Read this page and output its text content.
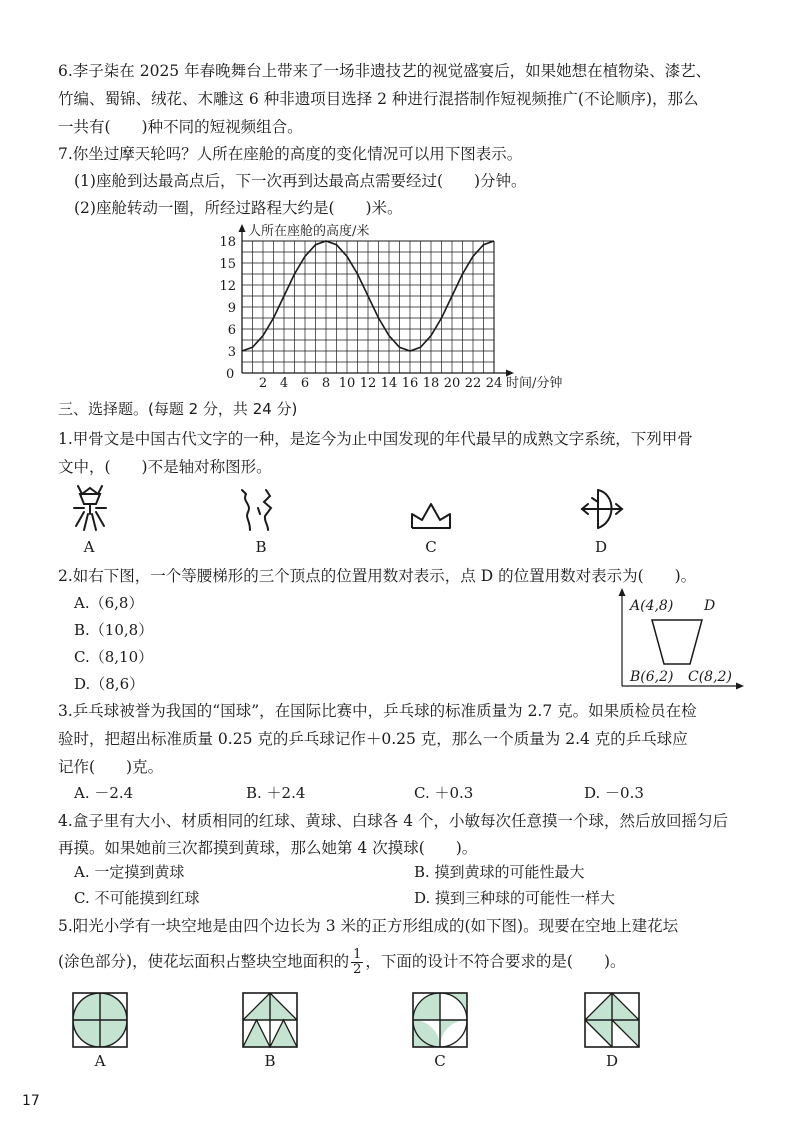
6.李子柒在 2025 年春晚舞台上带来了一场非遗技艺的视觉盛宴后，如果她想在植物染、漆艺、
竹编、蜀锦、绒花、木雕这 6 种非遗项目选择 2 种进行混搭制作短视频推广(不论顺序)，那么
一共有(　　)种不同的短视频组合。
7.你坐过摩天轮吗？人所在座舱的高度的变化情况可以用下图表示。
(1)座舱到达最高点后，下一次再到达最高点需要经过(　　)分钟。
(2)座舱转动一圈，所经过路程大约是(　　)米。
2 4 6 8 10 12 14 16 18 20 22 24
3
6
9
12
15
18
人所在座舱的高度/米
时间/分钟
0
三、选择题。(每题 2 分，共 24 分)
1.甲骨文是中国古代文字的一种，是迄今为止中国发现的年代最早的成熟文字系统，下列甲骨
文中，(　　)不是轴对称图形。
A	B	C	D
2.如右下图，一个等腰梯形的三个顶点的位置用数对表示，点 D 的位置用数对表示为(　　)。
A.（6,8）
B.（10,8）
C.（8,10）
D.（8,6）
A(4,8) D
B(6,2) C(8,2)
3.乒乓球被誉为我国的“国球”，在国际比赛中，乒乓球的标准质量为 2.7 克。如果质检员在检
验时，把超出标准质量 0.25 克的乒乓球记作＋0.25 克，那么一个质量为 2.4 克的乒乓球应
记作(　　)克。
A. －2.4	B. ＋2.4	C. ＋0.3	D. －0.3
4.盒子里有大小、材质相同的红球、黄球、白球各 4 个，小敏每次任意摸一个球，然后放回摇匀后
再摸。如果她前三次都摸到黄球，那么她第 4 次摸球(　　)。
A. 一定摸到黄球	B. 摸到黄球的可能性最大
C. 不可能摸到红球	D. 摸到三种球的可能性一样大
5.阳光小学有一块空地是由四个边长为 3 米的正方形组成的(如下图)。现要在空地上建花坛
(涂色部分)，使花坛面积占整块空地面积的 $\frac{1}{2}$ ，下面的设计不符合要求的是(　　)。
A	B	C	D
17
